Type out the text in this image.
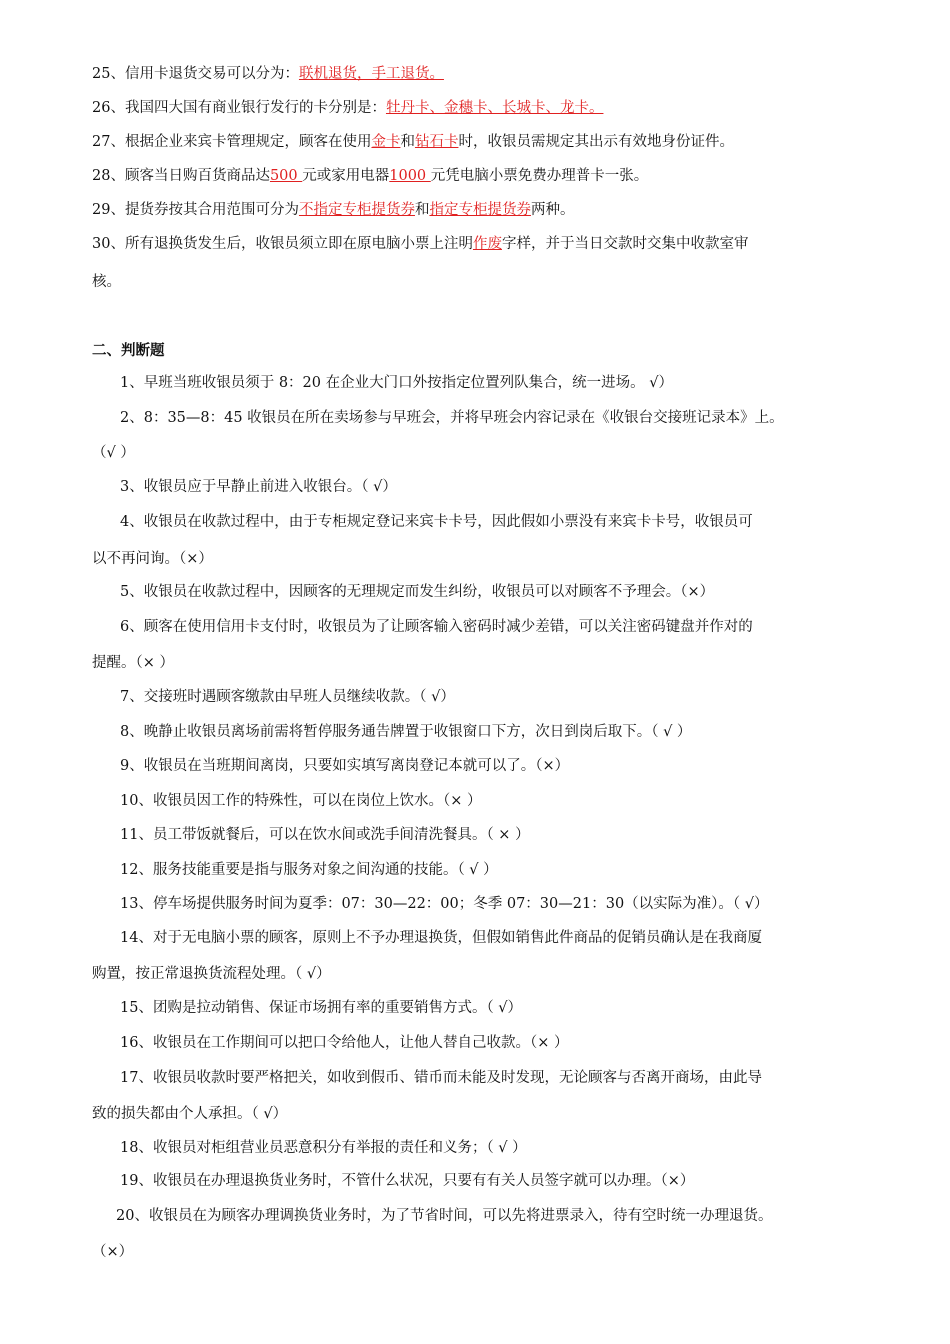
25、信用卡退货交易可以分为：联机退货，手工退货。
26、我国四大国有商业银行发行的卡分别是：牡丹卡、金穗卡、长城卡、龙卡。
27、根据企业来宾卡管理规定，顾客在使用金卡和钻石卡时，收银员需规定其出示有效地身份证件。
28、顾客当日购百货商品达500 元或家用电器1000 元凭电脑小票免费办理普卡一张。
29、提货券按其合用范围可分为不指定专柜提货券和指定专柜提货券两种。
30、所有退换货发生后，收银员须立即在原电脑小票上注明作废字样，并于当日交款时交集中收款室审
核。
二、判断题
1、早班当班收银员须于 8：20 在企业大门口外按指定位置列队集合，统一进场。 √）
2、8：35—8：45 收银员在所在卖场参与早班会，并将早班会内容记录在《收银台交接班记录本》上。
（√ ）
3、收银员应于早静止前进入收银台。（ √）
4、收银员在收款过程中，由于专柜规定登记来宾卡卡号，因此假如小票没有来宾卡卡号，收银员可
以不再问询。（×）
5、收银员在收款过程中，因顾客的无理规定而发生纠纷，收银员可以对顾客不予理会。（×）
6、顾客在使用信用卡支付时，收银员为了让顾客输入密码时减少差错，可以关注密码键盘并作对的
提醒。（× ）
7、交接班时遇顾客缴款由早班人员继续收款。（ √）
8、晚静止收银员离场前需将暂停服务通告牌置于收银窗口下方，次日到岗后取下。（ √ ）
9、收银员在当班期间离岗，只要如实填写离岗登记本就可以了。（×）
10、收银员因工作的特殊性，可以在岗位上饮水。（× ）
11、员工带饭就餐后，可以在饮水间或洗手间清洗餐具。（ × ）
12、服务技能重要是指与服务对象之间沟通的技能。（ √ ）
13、停车场提供服务时间为夏季：07：30—22：00；冬季 07：30—21：30（以实际为准）。（ √）
14、对于无电脑小票的顾客，原则上不予办理退换货，但假如销售此件商品的促销员确认是在我商厦
购置，按正常退换货流程处理。（ √）
15、团购是拉动销售、保证市场拥有率的重要销售方式。（ √）
16、收银员在工作期间可以把口令给他人，让他人替自己收款。（× ）
17、收银员收款时要严格把关，如收到假币、错币而未能及时发现，无论顾客与否离开商场，由此导
致的损失都由个人承担。（ √）
18、收银员对柜组营业员恶意积分有举报的责任和义务；（ √ ）
19、收银员在办理退换货业务时，不管什么状况，只要有有关人员签字就可以办理。（×）
20、收银员在为顾客办理调换货业务时，为了节省时间，可以先将进票录入，待有空时统一办理退货。
（×）
